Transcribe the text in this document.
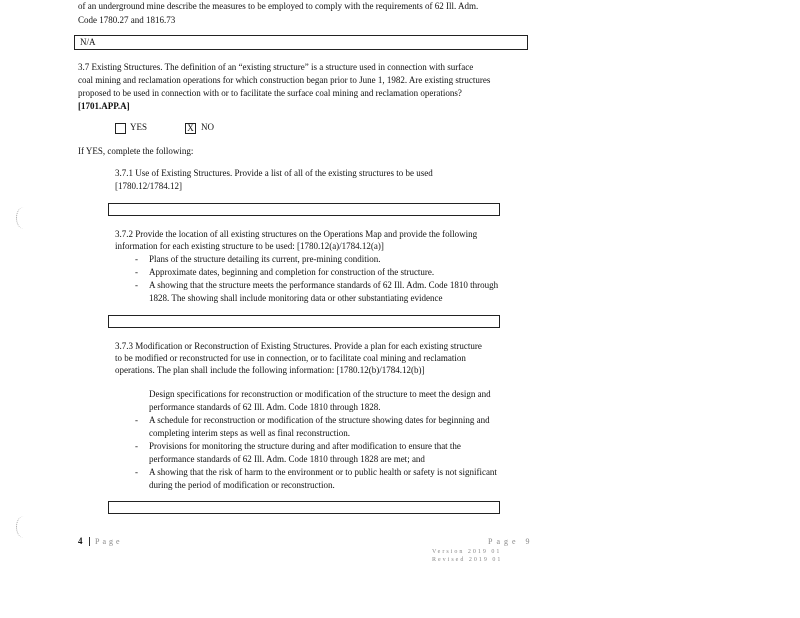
of an underground mine describe the measures to be employed to comply with the requirements of 62 Ill. Adm.
Code 1780.27 and 1816.73
N/A
3.7 Existing Structures. The definition of an “existing structure” is a structure used in connection with surface
coal mining and reclamation operations for which construction began prior to June 1, 1982. Are existing structures
proposed to be used in connection with or to facilitate the surface coal mining and reclamation operations?
[1701.APP.A]
YES	X NO
If YES, complete the following:
3.7.1 Use of Existing Structures. Provide a list of all of the existing structures to be used
[1780.12/1784.12]
3.7.2 Provide the location of all existing structures on the Operations Map and provide the following
information for each existing structure to be used: [1780.12(a)/1784.12(a)]
- Plans of the structure detailing its current, pre-mining condition.
- Approximate dates, beginning and completion for construction of the structure.
- A showing that the structure meets the performance standards of 62 Ill. Adm. Code 1810 through
1828. The showing shall include monitoring data or other substantiating evidence
3.7.3 Modification or Reconstruction of Existing Structures. Provide a plan for each existing structure
to be modified or reconstructed for use in connection, or to facilitate coal mining and reclamation
operations. The plan shall include the following information: [1780.12(b)/1784.12(b)]
Design specifications for reconstruction or modification of the structure to meet the design and
performance standards of 62 Ill. Adm. Code 1810 through 1828.
- A schedule for reconstruction or modification of the structure showing dates for beginning and
completing interim steps as well as final reconstruction.
- Provisions for monitoring the structure during and after modification to ensure that the
performance standards of 62 Ill. Adm. Code 1810 through 1828 are met; and
- A showing that the risk of harm to the environment or to public health or safety is not significant
during the period of modification or reconstruction.
4 Page	Page 9
Version 2019 01
Revised 2019 01
